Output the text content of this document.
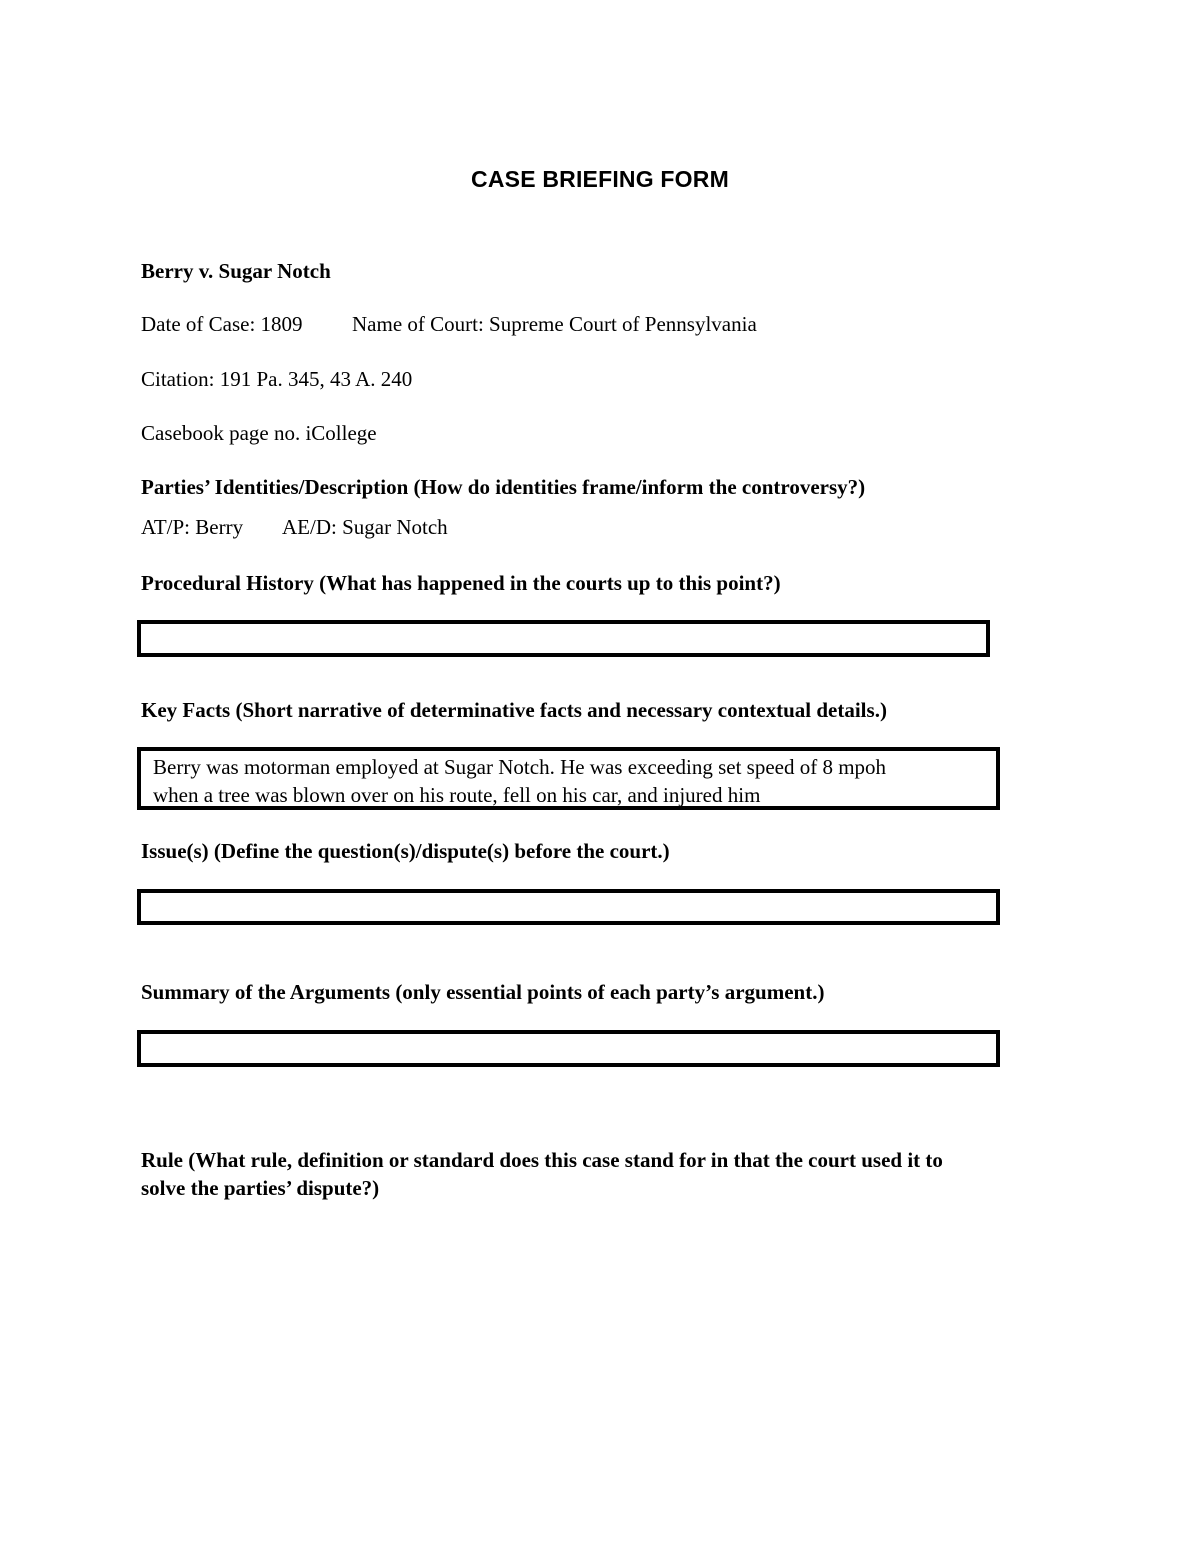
CASE BRIEFING FORM
Berry v. Sugar Notch
Date of Case: 1809 Name of Court: Supreme Court of Pennsylvania
Citation: 191 Pa. 345, 43 A. 240
Casebook page no. iCollege
Parties’ Identities/Description (How do identities frame/inform the controversy?)
AT/P: Berry AE/D: Sugar Notch
Procedural History (What has happened in the courts up to this point?)
Key Facts (Short narrative of determinative facts and necessary contextual details.)
Berry was motorman employed at Sugar Notch. He was exceeding set speed of 8 mpoh
when a tree was blown over on his route, fell on his car, and injured him
Issue(s) (Define the question(s)/dispute(s) before the court.)
Summary of the Arguments (only essential points of each party’s argument.)
Rule (What rule, definition or standard does this case stand for in that the court used it to
solve the parties’ dispute?)
